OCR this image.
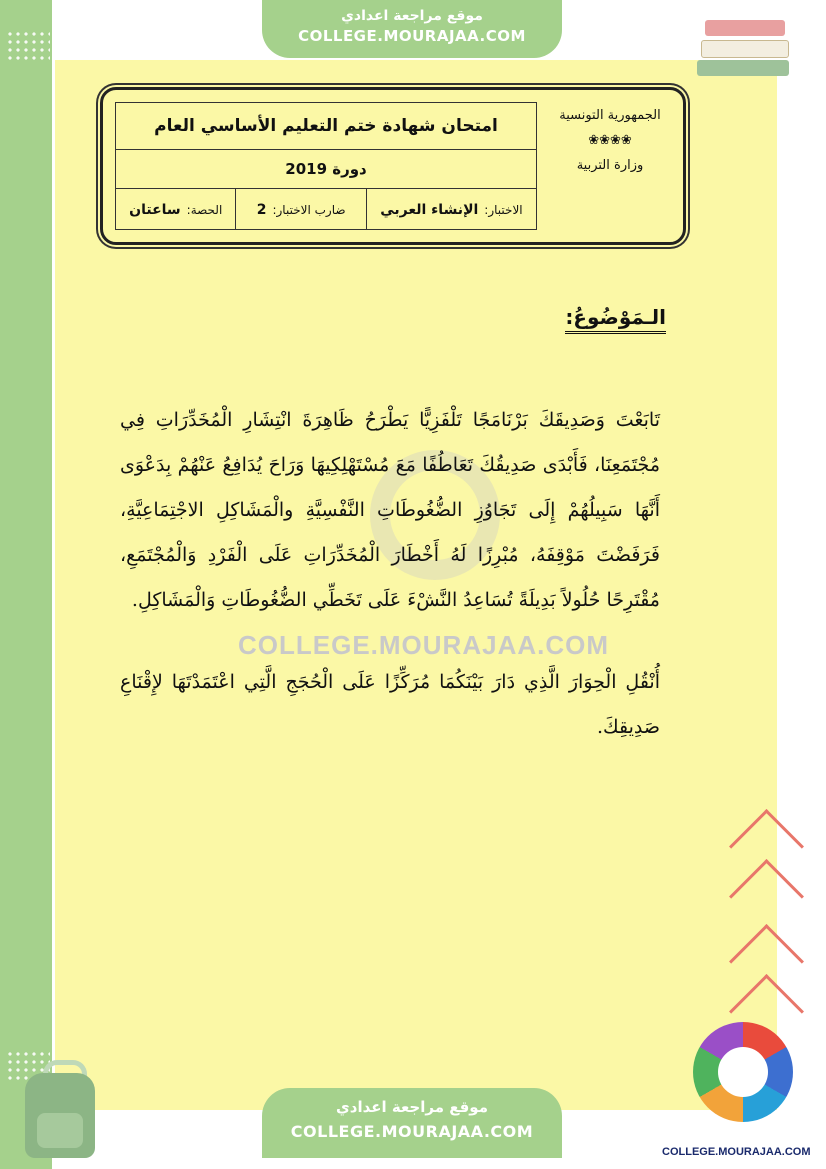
موقع مراجعة اعدادي
COLLEGE.MOURAJAA.COM
امتحان شهادة ختم التعليم الأساسي العام
دورة 2019
الاختبار:
الإنشاء العربي
ضارب الاختبار:
2
الحصة:
ساعتان
الجمهورية التونسية
❀❀❀❀
وزارة التربية
الـمَوْضُوعُ:
تَابَعْتَ وَصَدِيقَكَ بَرْنَامَجًا تَلْفَزِيًّا يَطْرَحُ ظَاهِرَةَ انْتِشَارِ الْمُخَدِّرَاتِ فِي مُجْتَمَعِنَا، فَأَبْدَى صَدِيقُكَ تَعَاطُفًا مَعَ مُسْتَهْلِكِيهَا وَرَاحَ يُدَافِعُ عَنْهُمْ بِدَعْوَى أَنَّهَا سَبِيلُهُمْ إِلَى تَجَاوُزِ الضُّغُوطَاتِ النَّفْسِيَّةِ والْمَشَاكِلِ الاجْتِمَاعِيَّةِ، فَرَفَضْتَ مَوْقِفَهُ، مُبْرِزًا لَهُ أَخْطَارَ الْمُخَدِّرَاتِ عَلَى الْفَرْدِ وَالْمُجْتَمَعِ، مُقْتَرِحًا حُلُولاً بَدِيلَةً تُسَاعِدُ النَّشْءَ عَلَى تَخَطِّي الضُّغُوطَاتِ وَالْمَشَاكِلِ.
COLLEGE.MOURAJAA.COM
أُنْقُلِ الْحِوَارَ الَّذِي دَارَ بَيْنَكُمَا مُرَكِّزًا عَلَى الْحُجَجِ الَّتِي اعْتَمَدْتَهَا لإِقْنَاعِ صَدِيقِكَ.
موقع مراجعة اعدادي
COLLEGE.MOURAJAA.COM
COLLEGE.MOURAJAA.COM
